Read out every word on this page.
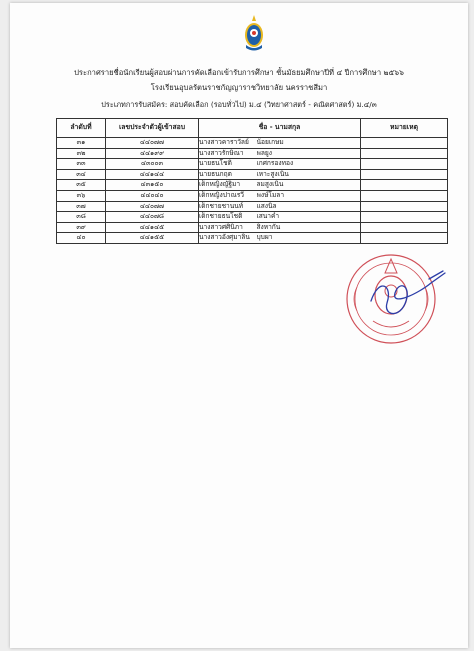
ประกาศรายชื่อนักเรียนผู้สอบผ่านการคัดเลือกเข้ารับการศึกษา ชั้นมัธยมศึกษาปีที่ ๔ ปีการศึกษา ๒๕๖๖
โรงเรียนอุบลรัตนราชกัญญาราชวิทยาลัย นครราชสีมา
ประเภทการรับสมัคร: สอบคัดเลือก (รอบทั่วไป) ม.๔ (วิทยาศาสตร์ - คณิตศาสตร์) ม.๔/๓
ลำดับที่	เลขประจำตัวผู้เข้าสอบ	ชื่อ - นามสกุล		หมายเหตุ
๓๑	๔๔๐๗๗	นางสาวคาราวัลย์	น้อยเกษม	
๓๒	๔๔๑๙๙	นางสาวรักษิณา	พลยูง	
๓๓	๔๓๐๐๓	นายธนโชติ	เกศกรองทอง	
๓๔	๔๔๑๔๔	นายธนกฤต	เหาะสูงเนิน	
๓๕	๔๓๑๕๐	เด็กหญิงญัฐิมา	ลมสูงเนิน	
๓๖	๔๔๐๔๐	เด็กหญิงปาณรวี	พงษ์โมลา	
๓๗	๔๔๐๗๗	เด็กชายชานนท์	แสงนิล	
๓๘	๔๔๐๗๘	เด็กชายธนโชติ	เสนาคำ	
๓๙	๔๔๑๔๕	นางสาวศศินิภา	สิงหากัน	
๔๐	๔๔๑๕๕	นางสาวอังศุมาลิน	บุบผา	
